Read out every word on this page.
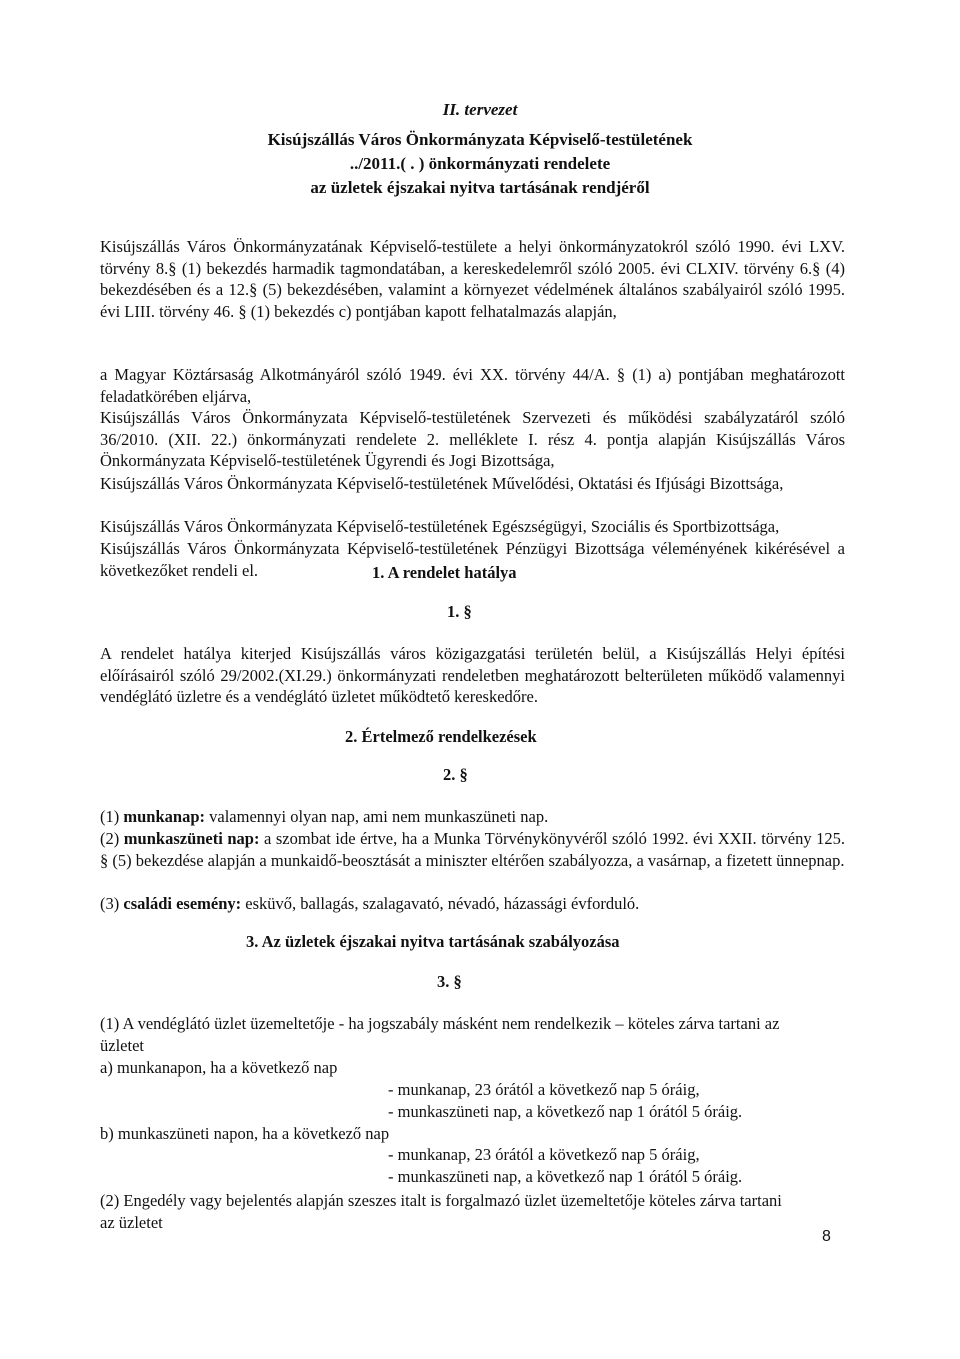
II. tervezet
Kisújszállás Város Önkormányzata Képviselő-testületének
../2011.( . ) önkormányzati rendelete
az üzletek éjszakai nyitva tartásának rendjéről
Kisújszállás Város Önkormányzatának Képviselő-testülete a helyi önkormányzatokról szóló 1990. évi LXV. törvény 8.§ (1) bekezdés harmadik tagmondatában, a kereskedelemről szóló 2005. évi CLXIV. törvény 6.§ (4) bekezdésében és a 12.§ (5) bekezdésében, valamint a környezet védelmének általános szabályairól szóló 1995. évi LIII. törvény 46. § (1) bekezdés c) pontjában kapott felhatalmazás alapján,
a Magyar Köztársaság Alkotmányáról szóló 1949. évi XX. törvény 44/A. § (1) a) pontjában meghatározott feladatkörében eljárva,
Kisújszállás Város Önkormányzata Képviselő-testületének Szervezeti és működési szabályzatáról szóló 36/2010. (XII. 22.) önkormányzati rendelete 2. melléklete I. rész 4. pontja alapján Kisújszállás Város Önkormányzata Képviselő-testületének Ügyrendi és Jogi Bizottsága,
Kisújszállás Város Önkormányzata Képviselő-testületének Művelődési, Oktatási és Ifjúsági Bizottsága,
Kisújszállás Város Önkormányzata Képviselő-testületének Egészségügyi, Szociális és Sportbizottsága,
Kisújszállás Város Önkormányzata Képviselő-testületének Pénzügyi Bizottsága véleményének kikérésével a következőket rendeli el.	1. A rendelet hatálya
1. §
A rendelet hatálya kiterjed Kisújszállás város közigazgatási területén belül, a Kisújszállás Helyi építési előírásairól szóló 29/2002.(XI.29.) önkormányzati rendeletben meghatározott belterületen működő valamennyi vendéglátó üzletre és a vendéglátó üzletet működtető kereskedőre.
2. Értelmező rendelkezések
2. §
(1) munkanap: valamennyi olyan nap, ami nem munkaszüneti nap.
(2) munkaszüneti nap: a szombat ide értve, ha a Munka Törvénykönyvéről szóló 1992. évi XXII. törvény 125. § (5) bekezdése alapján a munkaidő-beosztását a miniszter eltérően szabályozza, a vasárnap, a fizetett ünnepnap.
(3) családi esemény: esküvő, ballagás, szalagavató, névadó, házassági évforduló.
3. Az üzletek éjszakai nyitva tartásának szabályozása
3. §
(1) A vendéglátó üzlet üzemeltetője - ha jogszabály másként nem rendelkezik – köteles zárva tartani az
üzletet
a) munkanapon, ha a következő nap
- munkanap, 23 órától a következő nap 5 óráig,
- munkaszüneti nap, a következő nap 1 órától 5 óráig.
b) munkaszüneti napon, ha a következő nap
- munkanap, 23 órától a következő nap 5 óráig,
- munkaszüneti nap, a következő nap 1 órától 5 óráig.
(2) Engedély vagy bejelentés alapján szeszes italt is forgalmazó üzlet üzemeltetője köteles zárva tartani
az üzletet
8
